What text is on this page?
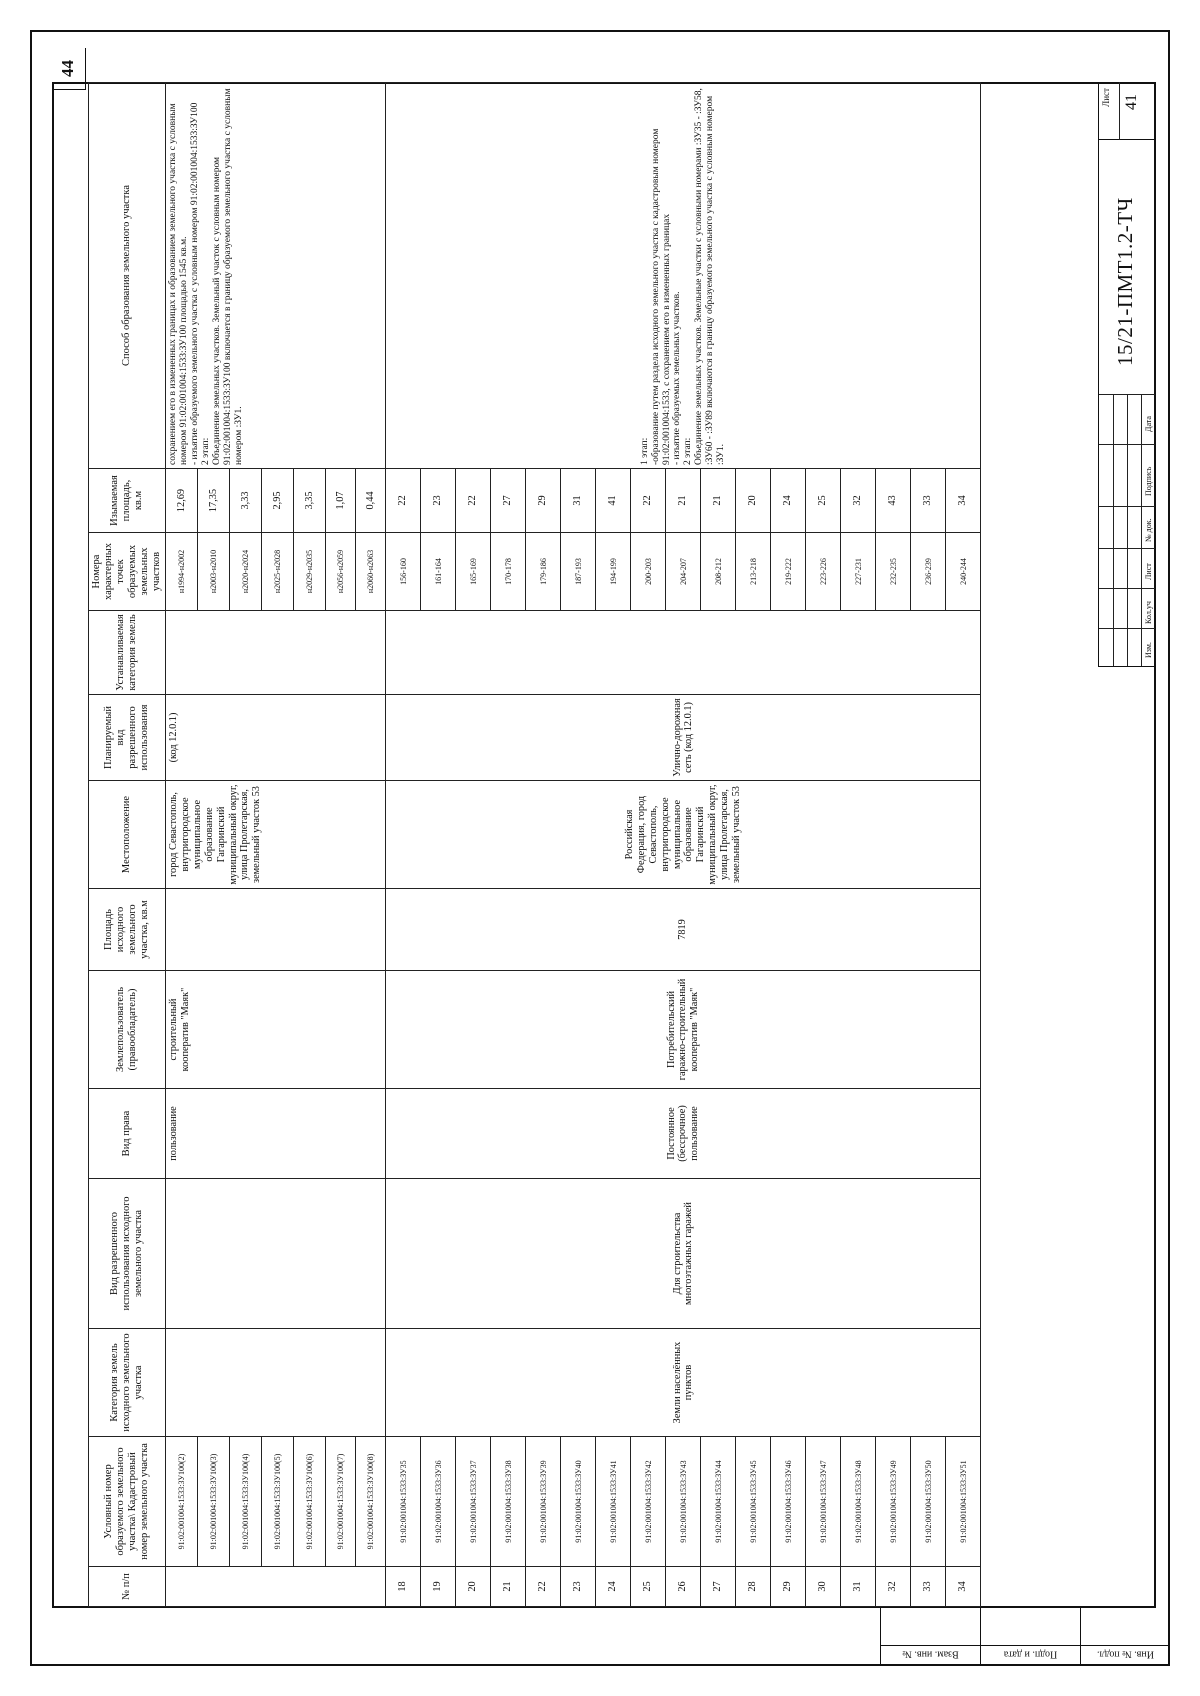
44
№ п/п	Условный номер образуемого земельного участка\ Кадастровый номер земельного участка	Категория земель исходного земельного участка	Вид разрешенного использования исходного земельного участка	Вид права	Землепользователь (правообладатель)	Площадь исходного земельного участка, кв.м	Местоположение	Планируемый вид разрешенного использования	Устанавливаемая категория земель	Номера характерных точек образуемых земельных участков	Изымаемая площадь, кв.м	Способ образования земельного участка
	91:02:001004:1533:ЗУ100(2)			пользование	строительный кооператив "Маяк"		город Севастополь, внутригородское муниципальное образование Гагаринский муниципальный округ, улица Пролетарская, земельный участок 53	(код 12.0.1)		н1994-н2002	12,69	сохранением его в измененных границах и образованием земельного участка с условным номером 91:02:001004:1533:ЗУ100 площадью 1545 кв.м.
- изъятие образуемого земельного участка с условным номером 91:02:001004:1533:ЗУ100
2 этап:
Объединение земельных участков. Земельный участок с условным номером 91:02:001004:1533:ЗУ100 включается в границу образуемого земельного участка с условным номером :ЗУ1.
	91:02:001004:1533:ЗУ100(3)									н2003-н2010	17,35	
	91:02:001004:1533:ЗУ100(4)									н2020-н2024	3,33	
	91:02:001004:1533:ЗУ100(5)									н2025-н2028	2,95	
	91:02:001004:1533:ЗУ100(6)									н2029-н2035	3,35	
	91:02:001004:1533:ЗУ100(7)									н2056-н2059	1,07	
	91:02:001004:1533:ЗУ100(8)									н2060-н2063	0,44	
18	91:02:001004:1533:ЗУ35	Земли населённых пунктов	Для строительства многоэтажных гаражей	Постоянное (бессрочное) пользование	Потребительский гаражно-строительный кооператив "Маяк"	7819	Российская Федерация, город Севастополь, внутригородское муниципальное образование Гагаринский муниципальный округ, улица Пролетарская, земельный участок 53	Улично-дорожная сеть (код 12.0.1)		156-160	22	1 этап:
-образование путем раздела исходного земельного участка с кадастровым номером 91:02:001004:1533, с сохранением его в измененных границах
- изъятие образуемых земельных участков.
2 этап:
Объединение земельных участков. Земельные участки с условными номерами :ЗУ35 - :ЗУ58, :ЗУ60 - :ЗУ89 включаются в границу образуемого земельного участка с условным номером :ЗУ1.
19	91:02:001004:1533:ЗУ36									161-164	23	
20	91:02:001004:1533:ЗУ37									165-169	22	
21	91:02:001004:1533:ЗУ38									170-178	27	
22	91:02:001004:1533:ЗУ39									179-186	29	
23	91:02:001004:1533:ЗУ40									187-193	31	
24	91:02:001004:1533:ЗУ41									194-199	41	
25	91:02:001004:1533:ЗУ42									200-203	22	
26	91:02:001004:1533:ЗУ43									204-207	21	
27	91:02:001004:1533:ЗУ44									208-212	21	
28	91:02:001004:1533:ЗУ45									213-218	20	
29	91:02:001004:1533:ЗУ46									219-222	24	
30	91:02:001004:1533:ЗУ47									223-226	25	
31	91:02:001004:1533:ЗУ48									227-231	32	
32	91:02:001004:1533:ЗУ49									232-235	43	
33	91:02:001004:1533:ЗУ50									236-239	33	
34	91:02:001004:1533:ЗУ51									240-244	34	
Взам. инв. №	Подп. и дата	Инв. № подл.
Изм.
Кол.уч
Лист
№ док.
Подпись
Дата
15/21-ПМТ1.2-ТЧ
Лист 41
